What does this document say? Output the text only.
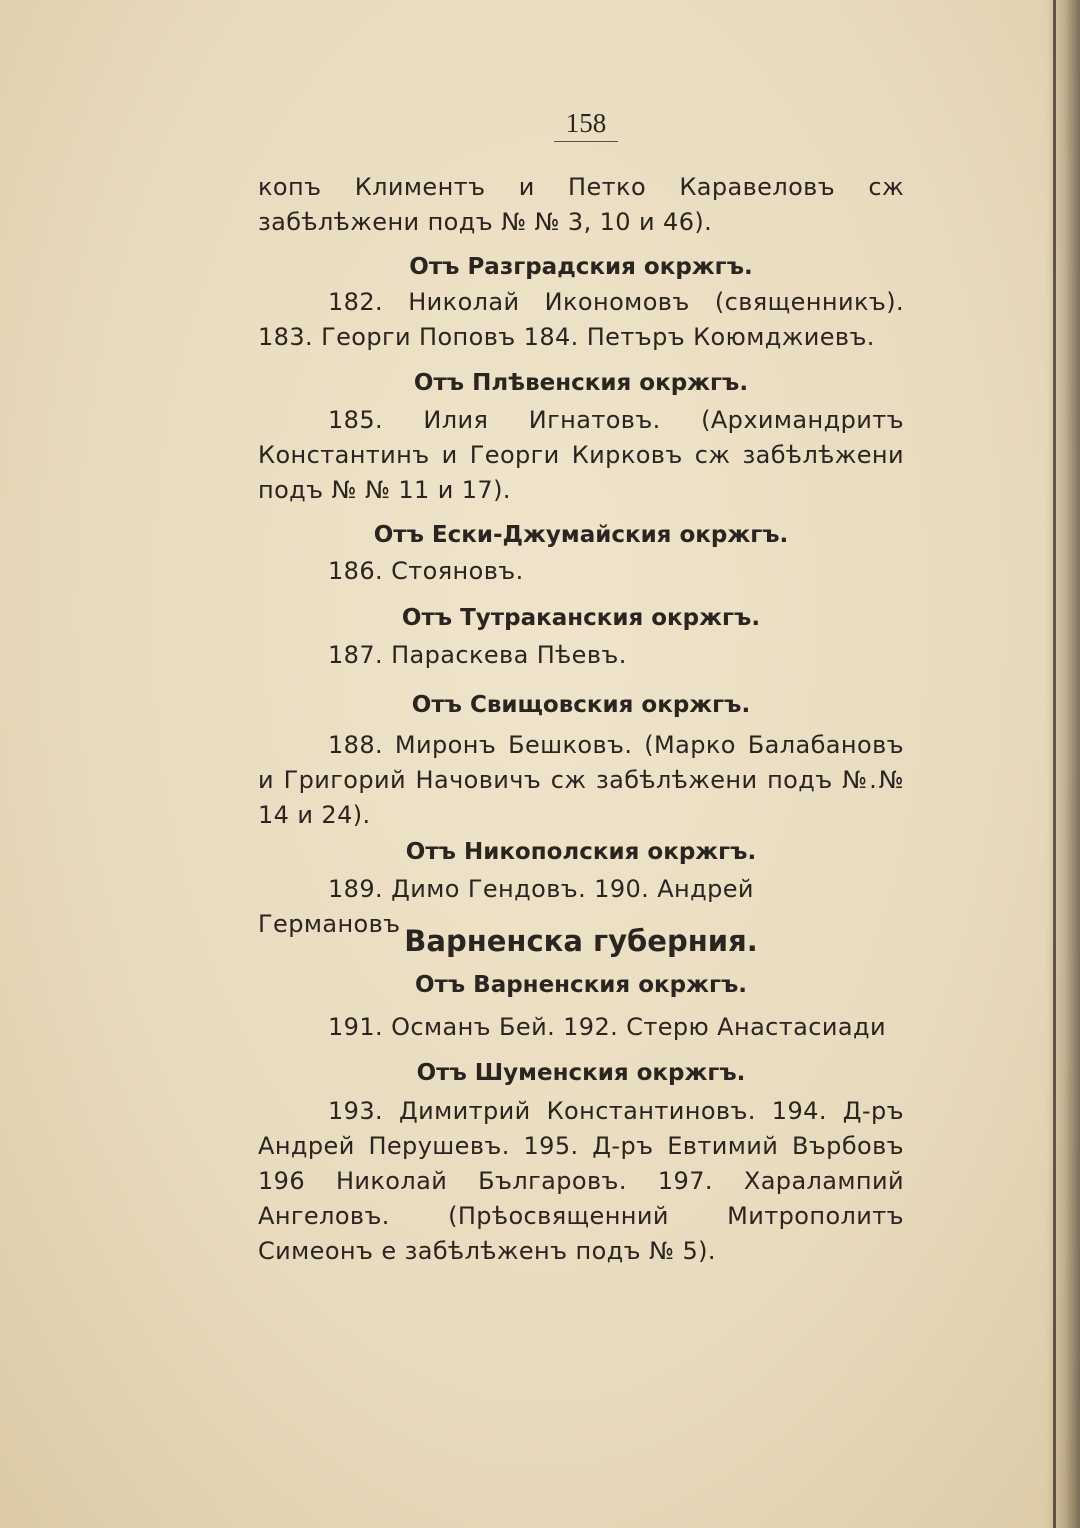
158
копъ Климентъ и Петко Каравеловъ сж забѣлѣжени подъ № № 3, 10 и 46).
Отъ Разградския окржгъ.
182. Николай Икономовъ (священникъ). 183. Георги Поповъ 184. Петъръ Коюмджиевъ.
Отъ Плѣвенския окржгъ.
185. Илия Игнатовъ. (Архимандритъ Константинъ и Георги Кирковъ сж забѣлѣжени подъ № № 11 и 17).
Отъ Ески-Джумайския окржгъ.
186. Стояновъ.
Отъ Тутраканския окржгъ.
187. Параскева Пѣевъ.
Отъ Свищовския окржгъ.
188. Миронъ Бешковъ. (Марко Балабановъ и Григорий Начовичъ сж забѣлѣжени подъ №.№ 14 и 24).
Отъ Никополския окржгъ.
189. Димо Гендовъ. 190. Андрей Германовъ Варненска губерния.
Отъ Варненския окржгъ.
191. Османъ Бей. 192. Стерю Анастасиади
Отъ Шуменския окржгъ.
193. Димитрий Константиновъ. 194. Д-ръ Андрей Перушевъ. 195. Д-ръ Евтимий Върбовъ 196 Николай Българовъ. 197. Харалампий Ангеловъ. (Прѣосвященний Митрополитъ Симеонъ е забѣлѣженъ подъ № 5).
